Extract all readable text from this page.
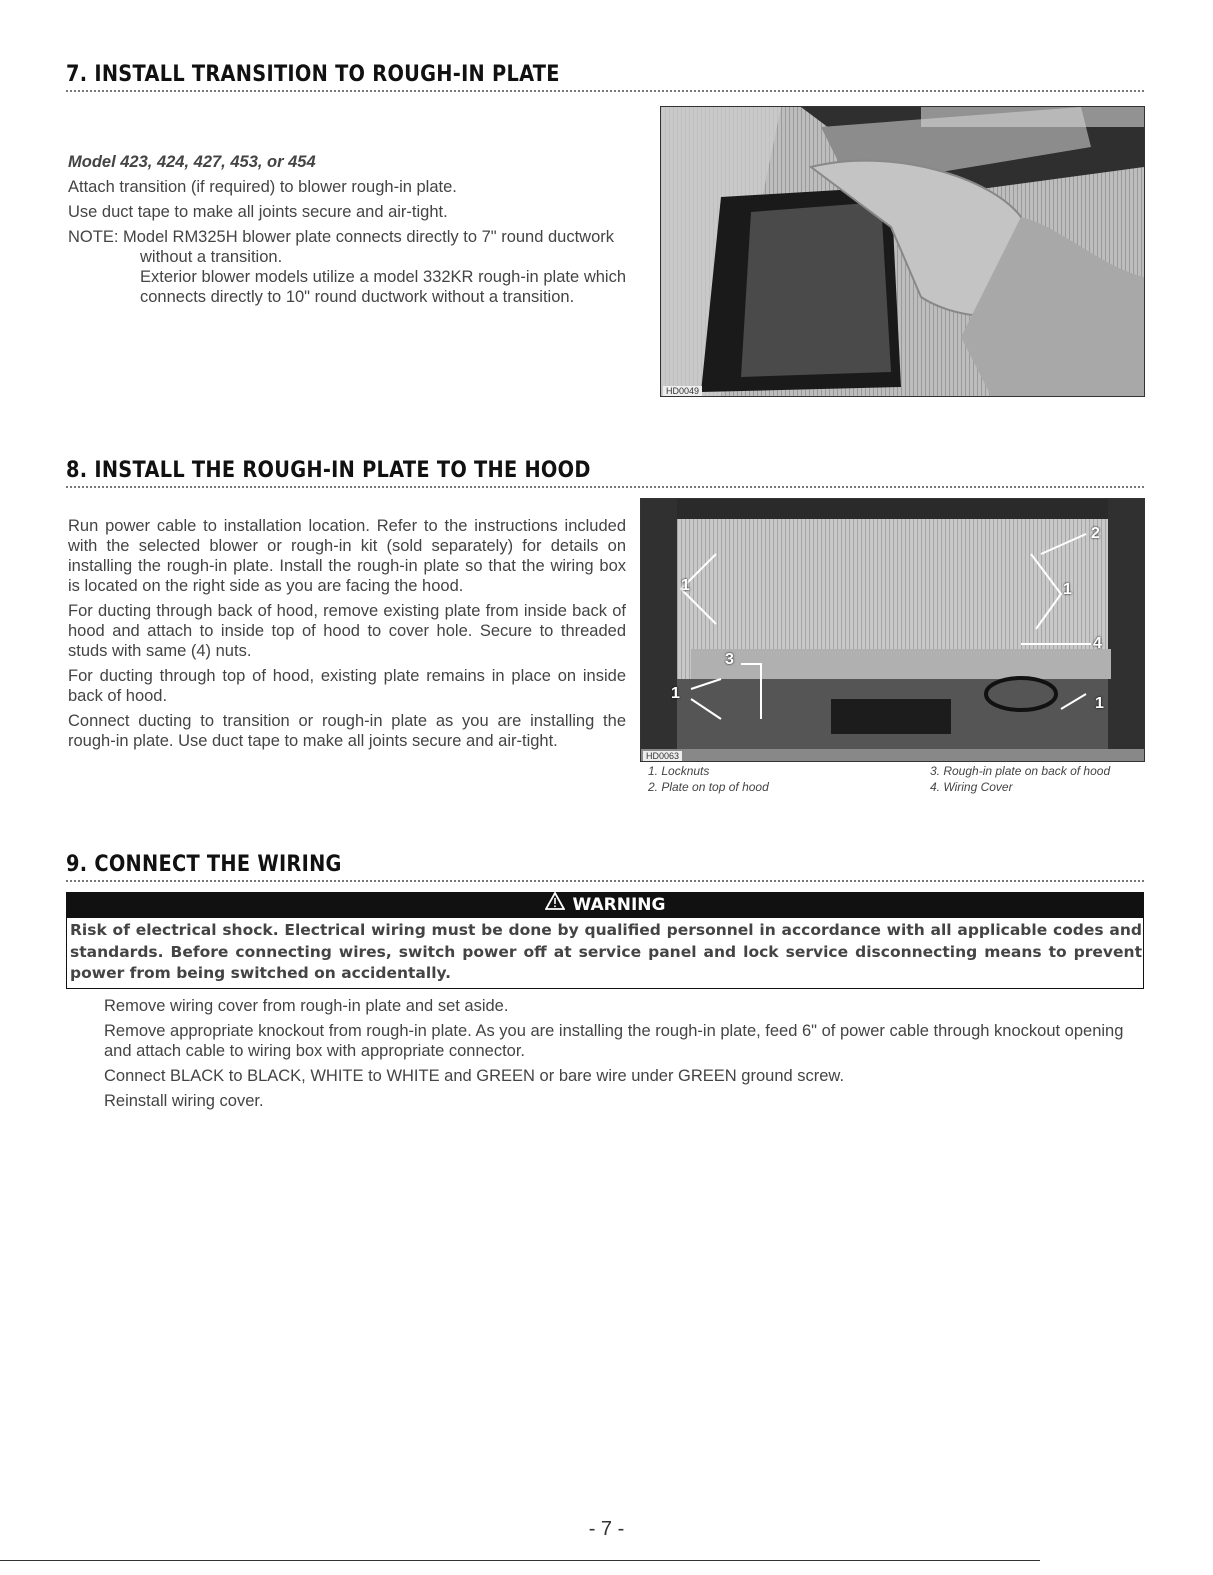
7. INSTALL TRANSITION TO ROUGH-IN PLATE

Model 423, 424, 427, 453, or 454

Attach transition (if required) to blower rough-in plate.

Use duct tape to make all joints secure and air-tight.

NOTE: Model RM325H blower plate connects directly to 7" round ductwork without a transition.

Exterior blower models utilize a model 332KR rough-in plate which connects directly to 10" round ductwork without a transition.

HD0049
8. INSTALL THE ROUGH-IN PLATE TO THE HOOD

Run power cable to installation location. Refer to the instructions included with the selected blower or rough-in kit (sold separately) for details on installing the rough-in plate. Install the rough-in plate so that the wiring box is located on the right side as you are facing the hood.

For ducting through back of hood, remove existing plate from inside back of hood and attach to inside top of hood to cover hole. Secure to threaded studs with same (4) nuts.

For ducting through top of hood, existing plate remains in place on inside back of hood.

Connect ducting to transition or rough-in plate as you are installing the rough-in plate. Use duct tape to make all joints secure and air-tight.

2
1	1
4
3
1
1
HD0063
1. Locknuts
2. Plate on top of hood
3. Rough-in plate on back of hood
4. Wiring Cover
9. CONNECT THE WIRING
WARNING

Risk of electrical shock. Electrical wiring must be done by qualified personnel in accordance with all applicable codes and standards. Before connecting wires, switch power off at service panel and lock service disconnecting means to prevent power from being switched on accidentally.

Remove wiring cover from rough-in plate and set aside.

Remove appropriate knockout from rough-in plate. As you are installing the rough-in plate, feed 6" of power cable through knockout opening and attach cable to wiring box with appropriate connector.

Connect BLACK to BLACK, WHITE to WHITE and GREEN or bare wire under GREEN ground screw.

Reinstall wiring cover.

- 7 -
